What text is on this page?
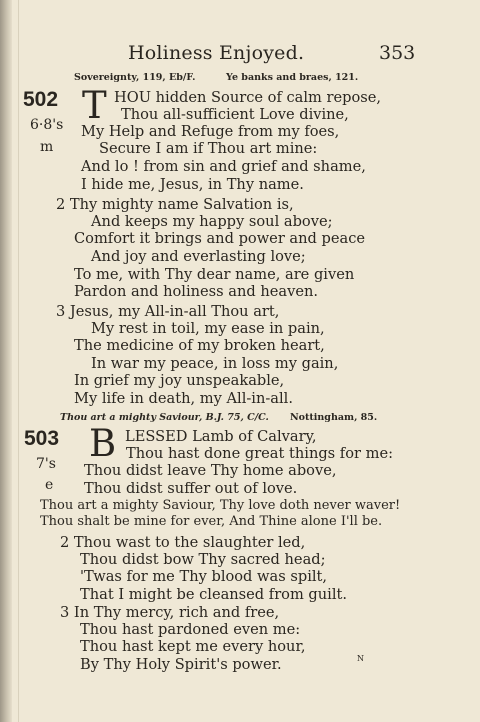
Holiness Enjoyed.	353
Sovereignty, 119, Eb/F.	Ye banks and braes, 121.
502 T
6·8's
m
HOU hidden Source of calm repose,
Thou all-sufficient Love divine,
My Help and Refuge from my foes,
Secure I am if Thou art mine:
And lo ! from sin and grief and shame,
I hide me, Jesus, in Thy name.
2 Thy mighty name Salvation is,
And keeps my happy soul above;
Comfort it brings and power and peace
And joy and everlasting love;
To me, with Thy dear name, are given
Pardon and holiness and heaven.
3 Jesus, my All-in-all Thou art,
My rest in toil, my ease in pain,
The medicine of my broken heart,
In war my peace, in loss my gain,
In grief my joy unspeakable,
My life in death, my All-in-all.
Thou art a mighty Saviour, B.J. 75, C/C. Nottingham, 85.
503 B
7's
e
LESSED Lamb of Calvary,
Thou hast done great things for me:
Thou didst leave Thy home above,
Thou didst suffer out of love.
Thou art a mighty Saviour, Thy love doth never waver!
Thou shalt be mine for ever, And Thine alone I'll be.
2 Thou wast to the slaughter led,
Thou didst bow Thy sacred head;
'Twas for me Thy blood was spilt,
That I might be cleansed from guilt.
3 In Thy mercy, rich and free,
Thou hast pardoned even me:
Thou hast kept me every hour,
By Thy Holy Spirit's power.	N
